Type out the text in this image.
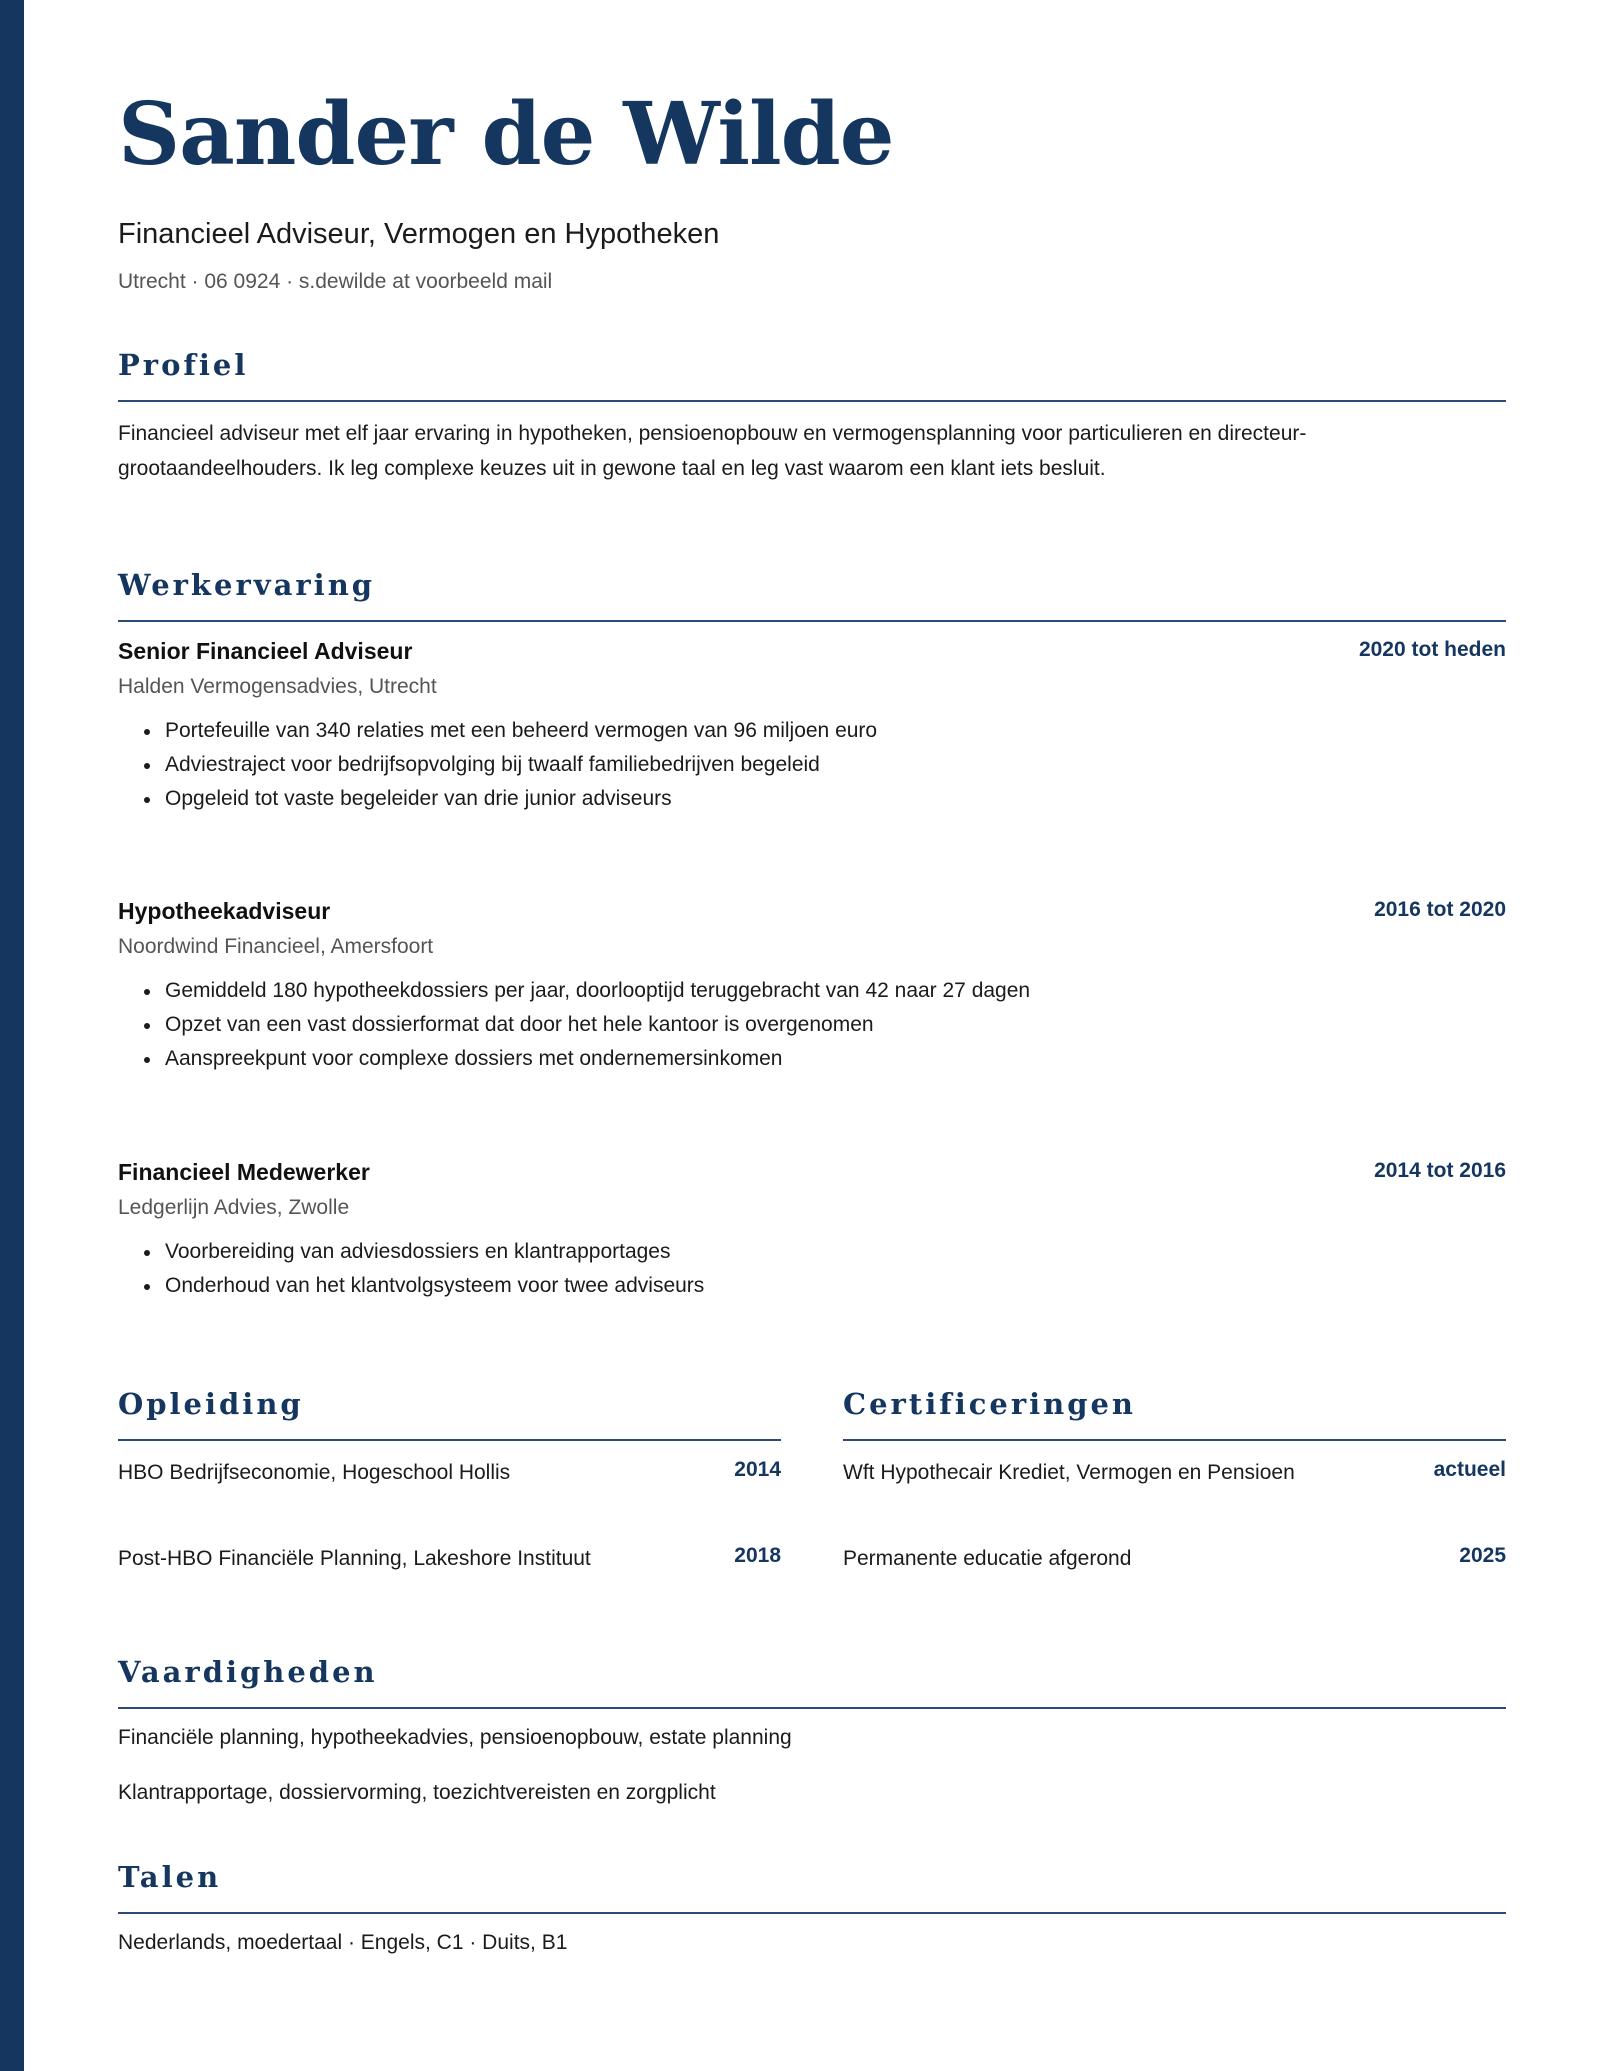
Sander de Wilde
Financieel Adviseur, Vermogen en Hypotheken
Utrecht · 06 0924 · s.dewilde at voorbeeld mail
Profiel
Financieel adviseur met elf jaar ervaring in hypotheken, pensioenopbouw en vermogensplanning voor particulieren en directeur-grootaandeelhouders. Ik leg complexe keuzes uit in gewone taal en leg vast waarom een klant iets besluit.
Werkervaring
Senior Financieel Adviseur	2020 tot heden
Halden Vermogensadvies, Utrecht
Portefeuille van 340 relaties met een beheerd vermogen van 96 miljoen euro
Adviestraject voor bedrijfsopvolging bij twaalf familiebedrijven begeleid
Opgeleid tot vaste begeleider van drie junior adviseurs
Hypotheekadviseur	2016 tot 2020
Noordwind Financieel, Amersfoort
Gemiddeld 180 hypotheekdossiers per jaar, doorlooptijd teruggebracht van 42 naar 27 dagen
Opzet van een vast dossierformat dat door het hele kantoor is overgenomen
Aanspreekpunt voor complexe dossiers met ondernemersinkomen
Financieel Medewerker	2014 tot 2016
Ledgerlijn Advies, Zwolle
Voorbereiding van adviesdossiers en klantrapportages
Onderhoud van het klantvolgsysteem voor twee adviseurs
Opleiding
HBO Bedrijfseconomie, Hogeschool Hollis	2014
Post-HBO Financiële Planning, Lakeshore Instituut	2018
Certificeringen
Wft Hypothecair Krediet, Vermogen en Pensioen	actueel
Permanente educatie afgerond	2025
Vaardigheden
Financiële planning, hypotheekadvies, pensioenopbouw, estate planning
Klantrapportage, dossiervorming, toezichtvereisten en zorgplicht
Talen
Nederlands, moedertaal · Engels, C1 · Duits, B1
